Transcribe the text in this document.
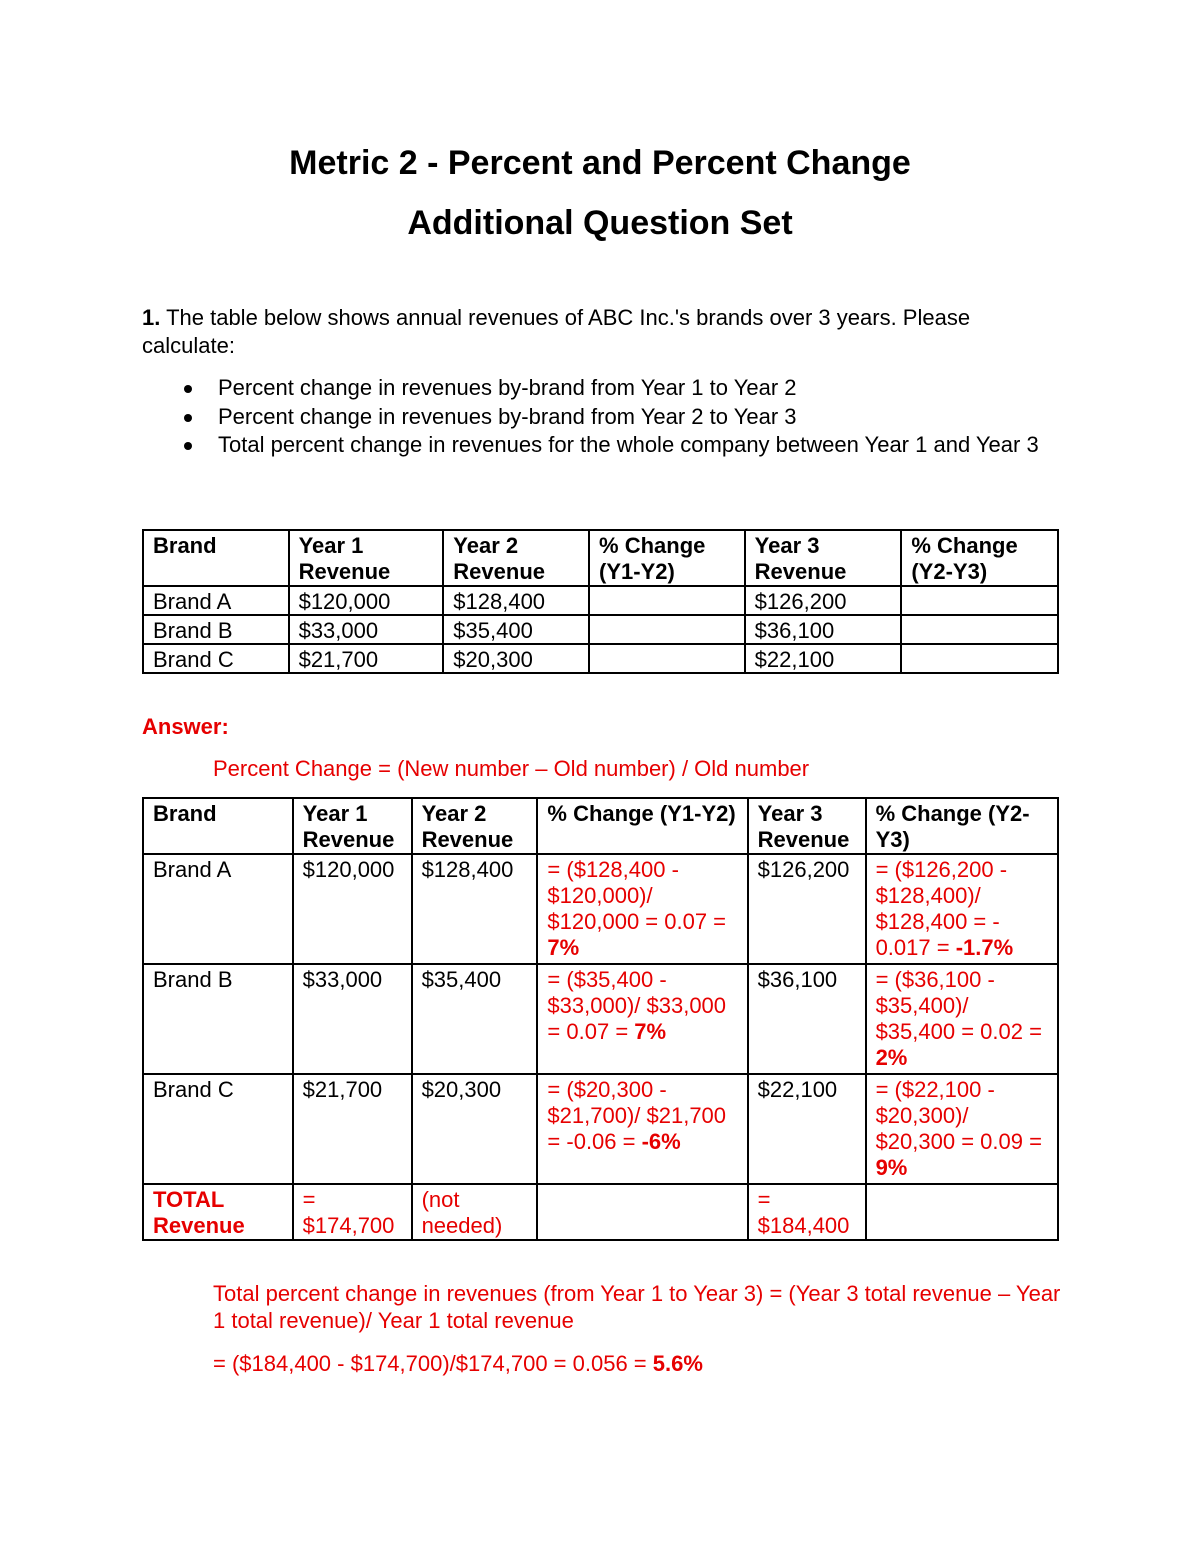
Metric 2 - Percent and Percent Change
Additional Question Set
1. The table below shows annual revenues of ABC Inc.'s brands over 3 years. Please calculate:
Percent change in revenues by-brand from Year 1 to Year 2
Percent change in revenues by-brand from Year 2 to Year 3
Total percent change in revenues for the whole company between Year 1 and Year 3
Brand	Year 1 Revenue	Year 2 Revenue	% Change (Y1-Y2)	Year 3 Revenue	% Change (Y2-Y3)
Brand A	$120,000	$128,400		$126,200	
Brand B	$33,000	$35,400		$36,100	
Brand C	$21,700	$20,300		$22,100	
Answer:
Percent Change = (New number – Old number) / Old number
Brand	Year 1 Revenue	Year 2 Revenue	% Change (Y1-Y2)	Year 3 Revenue	% Change (Y2-Y3)
Brand A	$120,000	$128,400	= ($128,400 - $120,000)/ $120,000 = 0.07 = 7%	$126,200	= ($126,200 - $128,400)/ $128,400 = - 0.017 = -1.7%
Brand B	$33,000	$35,400	= ($35,400 - $33,000)/ $33,000 = 0.07 = 7%	$36,100	= ($36,100 - $35,400)/ $35,400 = 0.02 = 2%
Brand C	$21,700	$20,300	= ($20,300 - $21,700)/ $21,700 = -0.06 = -6%	$22,100	= ($22,100 - $20,300)/ $20,300 = 0.09 = 9%
TOTAL Revenue	= $174,700	(not needed)		= $184,400	
Total percent change in revenues (from Year 1 to Year 3) = (Year 3 total revenue – Year 1 total revenue)/ Year 1 total revenue
= ($184,400 - $174,700)/$174,700 = 0.056 = 5.6%
